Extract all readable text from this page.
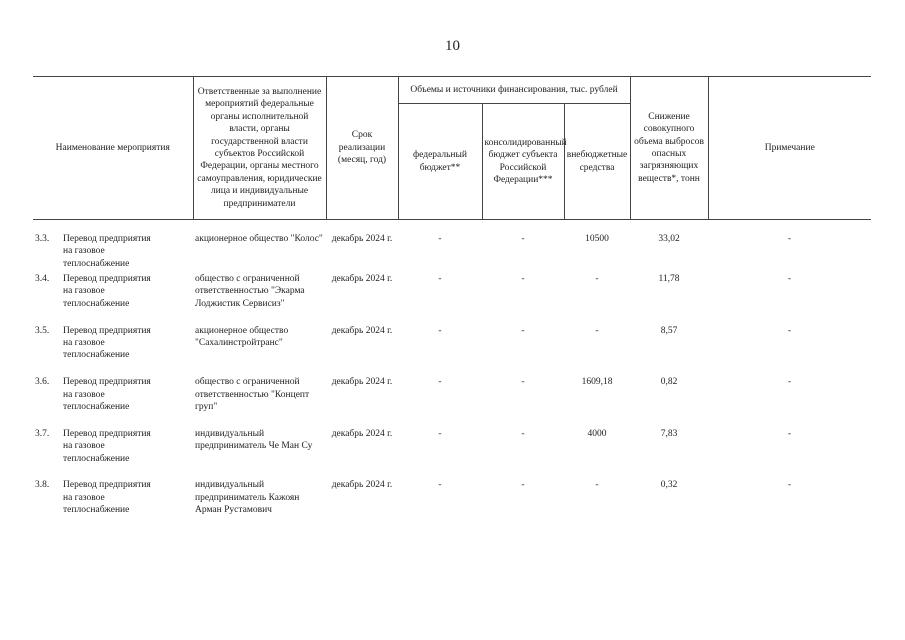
10
Наименование мероприятия	Ответственные за выполнение мероприятий федеральные органы исполнительной власти, органы государственной власти субъектов Российской Федерации, органы местного самоуправления, юридические лица и индивидуальные предприниматели	Срок реализации (месяц, год)	Объемы и источники финансирования, тыс. рублей			Снижение совокупного объема выбросов опасных загрязняющих веществ*, тонн	Примечание
			федеральный бюджет**	консолидированный бюджет субъекта Российской Федерации***	внебюджетные средства		
3.3. Перевод предприятия на газовое теплоснабжение	акционерное общество "Колос"	декабрь 2024 г.	-	-	10500	33,02	-
3.4. Перевод предприятия на газовое теплоснабжение	общество с ограниченной ответственностью "Экарма Лоджистик Сервисиз"	декабрь 2024 г.	-	-	-	11,78	-
3.5. Перевод предприятия на газовое теплоснабжение	акционерное общество "Сахалинстройтранс"	декабрь 2024 г.	-	-	-	8,57	-
3.6. Перевод предприятия на газовое теплоснабжение	общество с ограниченной ответственностью "Концепт груп"	декабрь 2024 г.	-	-	1609,18	0,82	-
3.7. Перевод предприятия на газовое теплоснабжение	индивидуальный предприниматель Че Ман Су	декабрь 2024 г.	-	-	4000	7,83	-
3.8. Перевод предприятия на газовое теплоснабжение	индивидуальный предприниматель Кажоян Арман Рустамович	декабрь 2024 г.	-	-	-	0,32	-
